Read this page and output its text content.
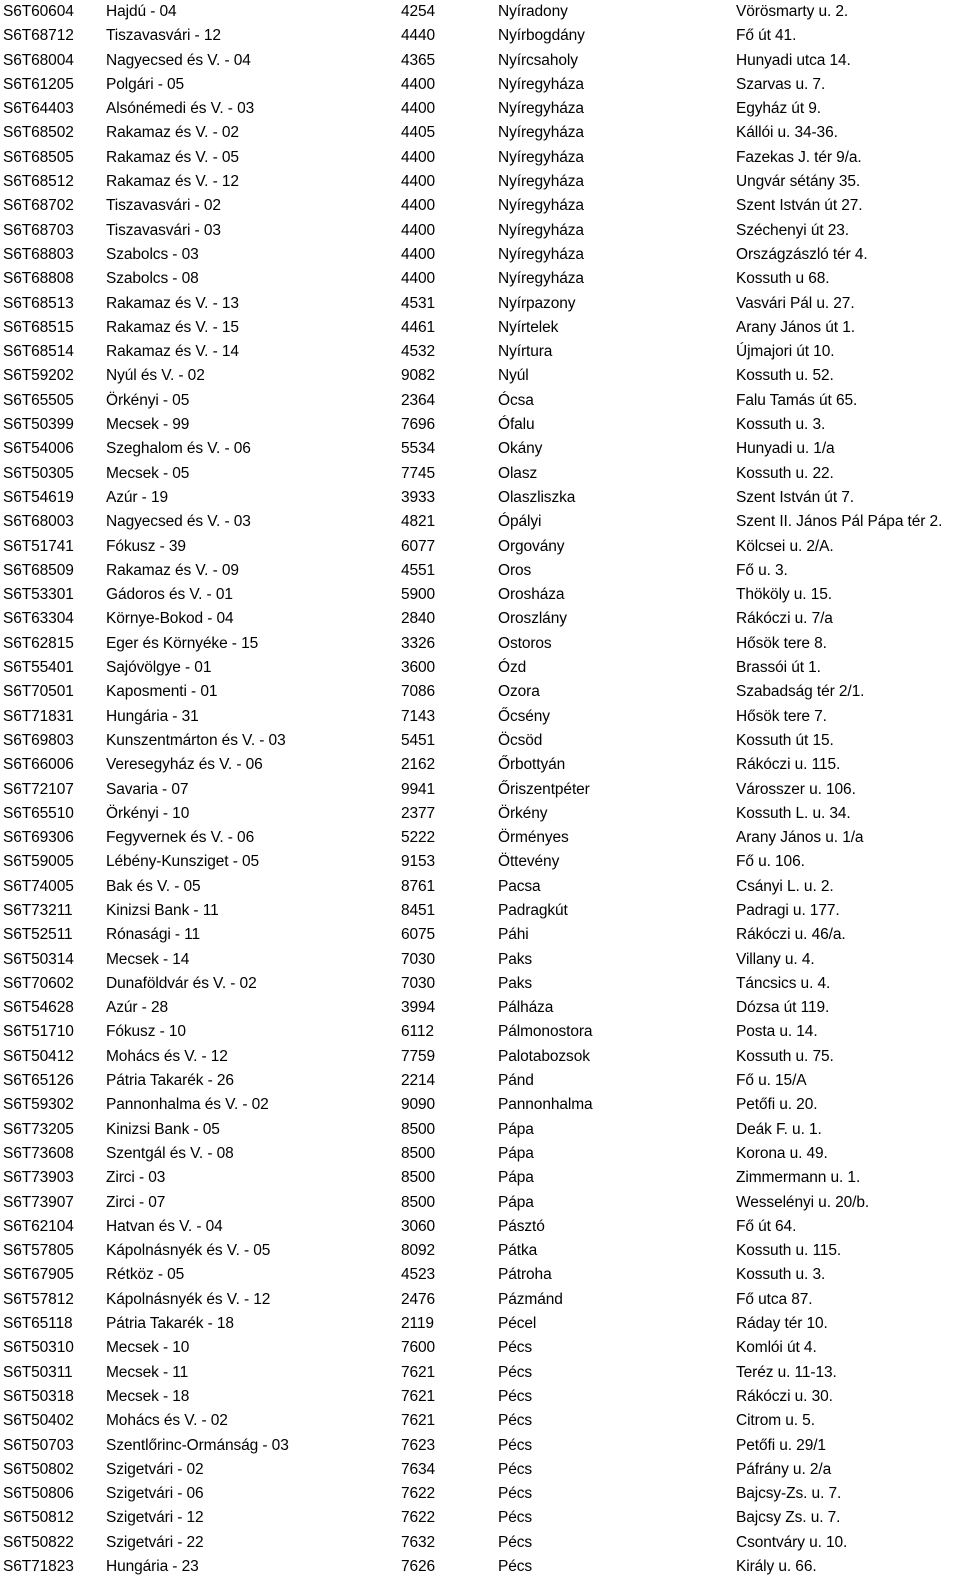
S6T60604 Hajdú - 04	4254	Nyíradony	Vörösmarty u. 2.
S6T68712 Tiszavasvári - 12	4440	Nyírbogdány	Fő út 41.
S6T68004 Nagyecsed és V. - 04	4365	Nyírcsaholy	Hunyadi utca 14.
S6T61205 Polgári - 05	4400	Nyíregyháza	Szarvas u. 7.
S6T64403 Alsónémedi és V. - 03	4400	Nyíregyháza	Egyház út 9.
S6T68502 Rakamaz és V. - 02	4405	Nyíregyháza	Kállói u. 34-36.
S6T68505 Rakamaz és V. - 05	4400	Nyíregyháza	Fazekas J. tér 9/a.
S6T68512 Rakamaz és V. - 12	4400	Nyíregyháza	Ungvár sétány 35.
S6T68702 Tiszavasvári - 02	4400	Nyíregyháza	Szent István út 27.
S6T68703 Tiszavasvári - 03	4400	Nyíregyháza	Széchenyi út 23.
S6T68803 Szabolcs - 03	4400	Nyíregyháza	Országzászló tér 4.
S6T68808 Szabolcs - 08	4400	Nyíregyháza	Kossuth u 68.
S6T68513 Rakamaz és V. - 13	4531	Nyírpazony	Vasvári Pál u. 27.
S6T68515 Rakamaz és V. - 15	4461	Nyírtelek	Arany János út 1.
S6T68514 Rakamaz és V. - 14	4532	Nyírtura	Újmajori út 10.
S6T59202 Nyúl és V. - 02	9082	Nyúl	Kossuth u. 52.
S6T65505 Örkényi - 05	2364	Ócsa	Falu Tamás út 65.
S6T50399 Mecsek - 99	7696	Ófalu	Kossuth u. 3.
S6T54006 Szeghalom és V. - 06	5534	Okány	Hunyadi u. 1/a
S6T50305 Mecsek - 05	7745	Olasz	Kossuth u. 22.
S6T54619 Azúr - 19	3933	Olaszliszka	Szent István út 7.
S6T68003 Nagyecsed és V. - 03	4821	Ópályi	Szent II. János Pál Pápa tér 2.
S6T51741 Fókusz - 39	6077	Orgovány	Kölcsei u. 2/A.
S6T68509 Rakamaz és V. - 09	4551	Oros	Fő u. 3.
S6T53301 Gádoros és V. - 01	5900	Orosháza	Thököly u. 15.
S6T63304 Környe-Bokod - 04	2840	Oroszlány	Rákóczi u. 7/a
S6T62815 Eger és Környéke - 15	3326	Ostoros	Hősök tere 8.
S6T55401 Sajóvölgye - 01	3600	Ózd	Brassói út 1.
S6T70501 Kaposmenti - 01	7086	Ozora	Szabadság tér 2/1.
S6T71831 Hungária - 31	7143	Őcsény	Hősök tere 7.
S6T69803 Kunszentmárton és V. - 03	5451	Öcsöd	Kossuth út 15.
S6T66006 Veresegyház és V. - 06	2162	Őrbottyán	Rákóczi u. 115.
S6T72107 Savaria - 07	9941	Őriszentpéter	Városszer u. 106.
S6T65510 Örkényi - 10	2377	Örkény	Kossuth L. u. 34.
S6T69306 Fegyvernek és V. - 06	5222	Örményes	Arany János u. 1/a
S6T59005 Lébény-Kunsziget - 05	9153	Öttevény	Fő u. 106.
S6T74005 Bak és V. - 05	8761	Pacsa	Csányi L. u. 2.
S6T73211 Kinizsi Bank - 11	8451	Padragkút	Padragi u. 177.
S6T52511 Rónasági - 11	6075	Páhi	Rákóczi u. 46/a.
S6T50314 Mecsek - 14	7030	Paks	Villany u. 4.
S6T70602 Dunaföldvár és V. - 02	7030	Paks	Táncsics u. 4.
S6T54628 Azúr - 28	3994	Pálháza	Dózsa út 119.
S6T51710 Fókusz - 10	6112	Pálmonostora	Posta u. 14.
S6T50412 Mohács és V. - 12	7759	Palotabozsok	Kossuth u. 75.
S6T65126 Pátria Takarék - 26	2214	Pánd	Fő u. 15/A
S6T59302 Pannonhalma és V. - 02	9090	Pannonhalma	Petőfi u. 20.
S6T73205 Kinizsi Bank - 05	8500	Pápa	Deák F. u. 1.
S6T73608 Szentgál és V. - 08	8500	Pápa	Korona u. 49.
S6T73903 Zirci - 03	8500	Pápa	Zimmermann u. 1.
S6T73907 Zirci - 07	8500	Pápa	Wesselényi u. 20/b.
S6T62104 Hatvan és V. - 04	3060	Pásztó	Fő út 64.
S6T57805 Kápolnásnyék és V. - 05	8092	Pátka	Kossuth u. 115.
S6T67905 Rétköz - 05	4523	Pátroha	Kossuth u. 3.
S6T57812 Kápolnásnyék és V. - 12	2476	Pázmánd	Fő utca 87.
S6T65118 Pátria Takarék - 18	2119	Pécel	Ráday tér 10.
S6T50310 Mecsek - 10	7600	Pécs	Komlói út 4.
S6T50311 Mecsek - 11	7621	Pécs	Teréz u. 11-13.
S6T50318 Mecsek - 18	7621	Pécs	Rákóczi u. 30.
S6T50402 Mohács és V. - 02	7621	Pécs	Citrom u. 5.
S6T50703 Szentlőrinc-Ormánság - 03	7623	Pécs	Petőfi u. 29/1
S6T50802 Szigetvári - 02	7634	Pécs	Páfrány u. 2/a
S6T50806 Szigetvári - 06	7622	Pécs	Bajcsy-Zs. u. 7.
S6T50812 Szigetvári - 12	7622	Pécs	Bajcsy Zs. u. 7.
S6T50822 Szigetvári - 22	7632	Pécs	Csontváry u. 10.
S6T71823 Hungária - 23	7626	Pécs	Király u. 66.
